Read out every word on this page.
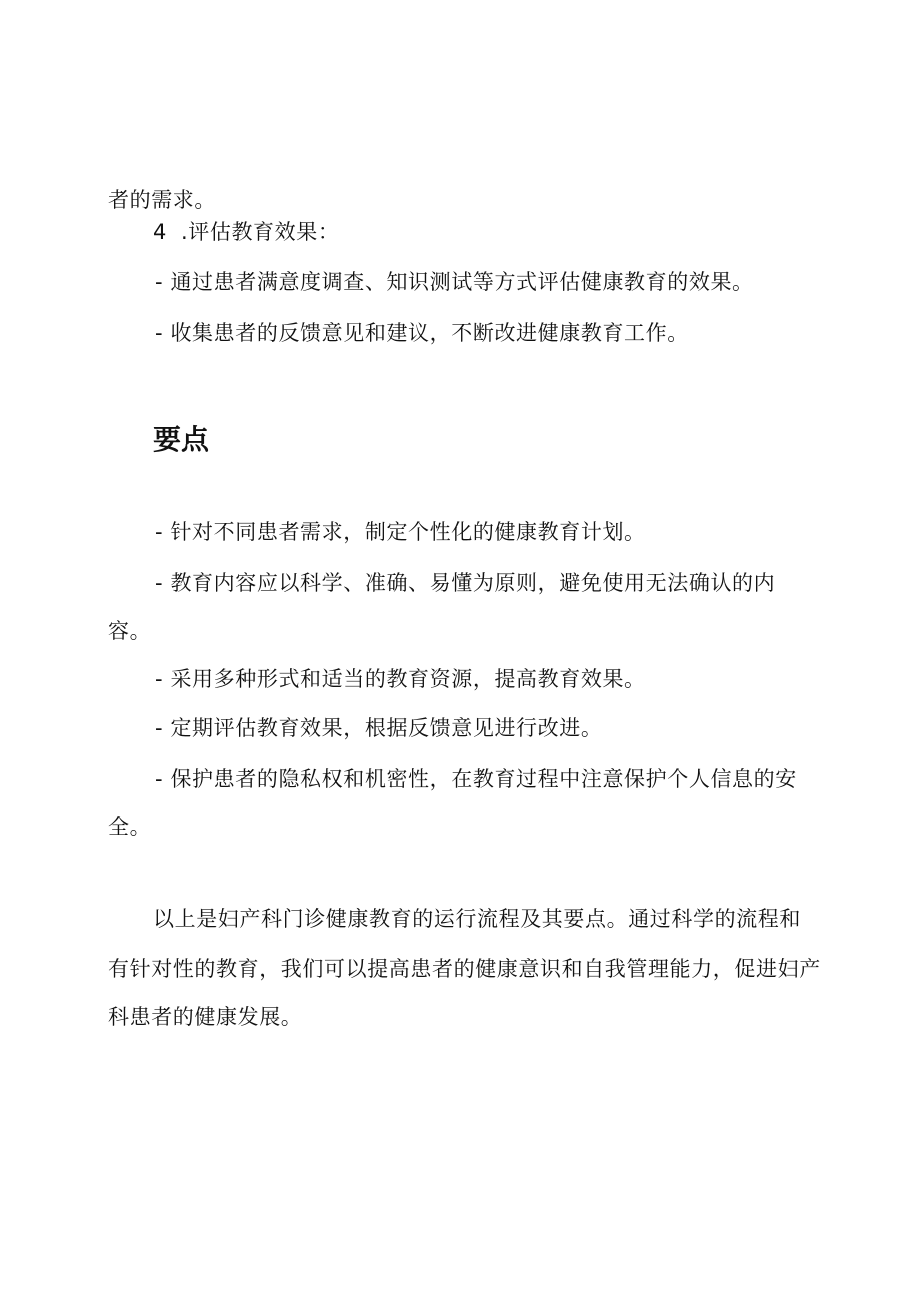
者的需求。
4 .评估教育效果：
- 通过患者满意度调查、知识测试等方式评估健康教育的效果。
- 收集患者的反馈意见和建议，不断改进健康教育工作。
要点
- 针对不同患者需求，制定个性化的健康教育计划。
- 教育内容应以科学、准确、易懂为原则，避免使用无法确认的内
容。
- 采用多种形式和适当的教育资源，提高教育效果。
- 定期评估教育效果，根据反馈意见进行改进。
- 保护患者的隐私权和机密性，在教育过程中注意保护个人信息的安
全。
以上是妇产科门诊健康教育的运行流程及其要点。通过科学的流程和
有针对性的教育，我们可以提高患者的健康意识和自我管理能力，促进妇产
科患者的健康发展。
